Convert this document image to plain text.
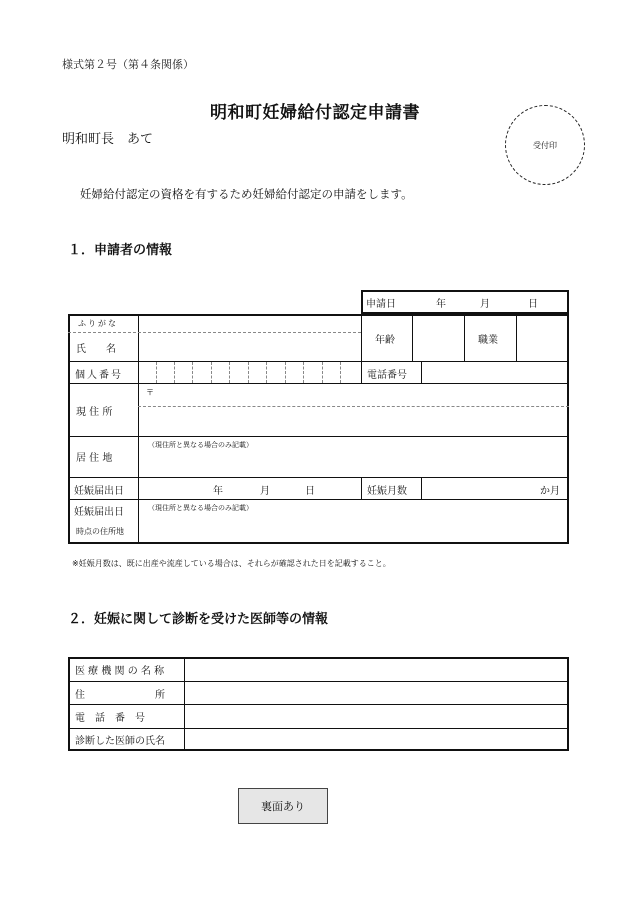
様式第２号（第４条関係）
明和町妊婦給付認定申請書
明和町長　あて	受付印
妊婦給付認定の資格を有するため妊婦給付認定の申請をします。
１．申請者の情報
申請日	年	月	日
ふりがな
氏　　名
年齢	職業
個人番号	電話番号
現 住 所
〒
居 住 地
（現住所と異なる場合のみ記載）
妊娠届出日	年	月	日	妊娠月数	か月
妊娠届出日
時点の住所地
（現住所と異なる場合のみ記載）
※妊娠月数は、既に出産や流産している場合は、それらが確認された日を記載すること。
２．妊娠に関して診断を受けた医師等の情報
医 療 機 関 の 名 称
住　　　　　　　所
電　話　番　号
診断した医師の氏名
裏面あり
